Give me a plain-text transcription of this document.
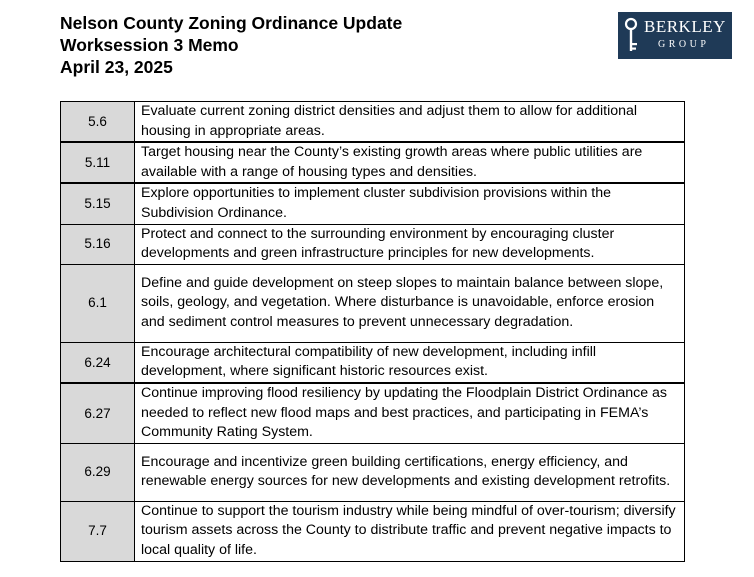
Nelson County Zoning Ordinance Update
Worksession 3 Memo
April 23, 2025
BERKLEY
GROUP
5.6	Evaluate current zoning district densities and adjust them to allow for additional housing in appropriate areas.
5.11	Target housing near the County’s existing growth areas where public utilities are available with a range of housing types and densities.
5.15	Explore opportunities to implement cluster subdivision provisions within the Subdivision Ordinance.
5.16	Protect and connect to the surrounding environment by encouraging cluster developments and green infrastructure principles for new developments.
6.1	Define and guide development on steep slopes to maintain balance between slope, soils, geology, and vegetation. Where disturbance is unavoidable, enforce erosion and sediment control measures to prevent unnecessary degradation.
6.24	Encourage architectural compatibility of new development, including infill development, where significant historic resources exist.
6.27	Continue improving flood resiliency by updating the Floodplain District Ordinance as needed to reflect new flood maps and best practices, and participating in FEMA’s Community Rating System.
6.29	Encourage and incentivize green building certifications, energy efficiency, and renewable energy sources for new developments and existing development retrofits.
7.7	Continue to support the tourism industry while being mindful of over-tourism; diversify tourism assets across the County to distribute traffic and prevent negative impacts to local quality of life.
